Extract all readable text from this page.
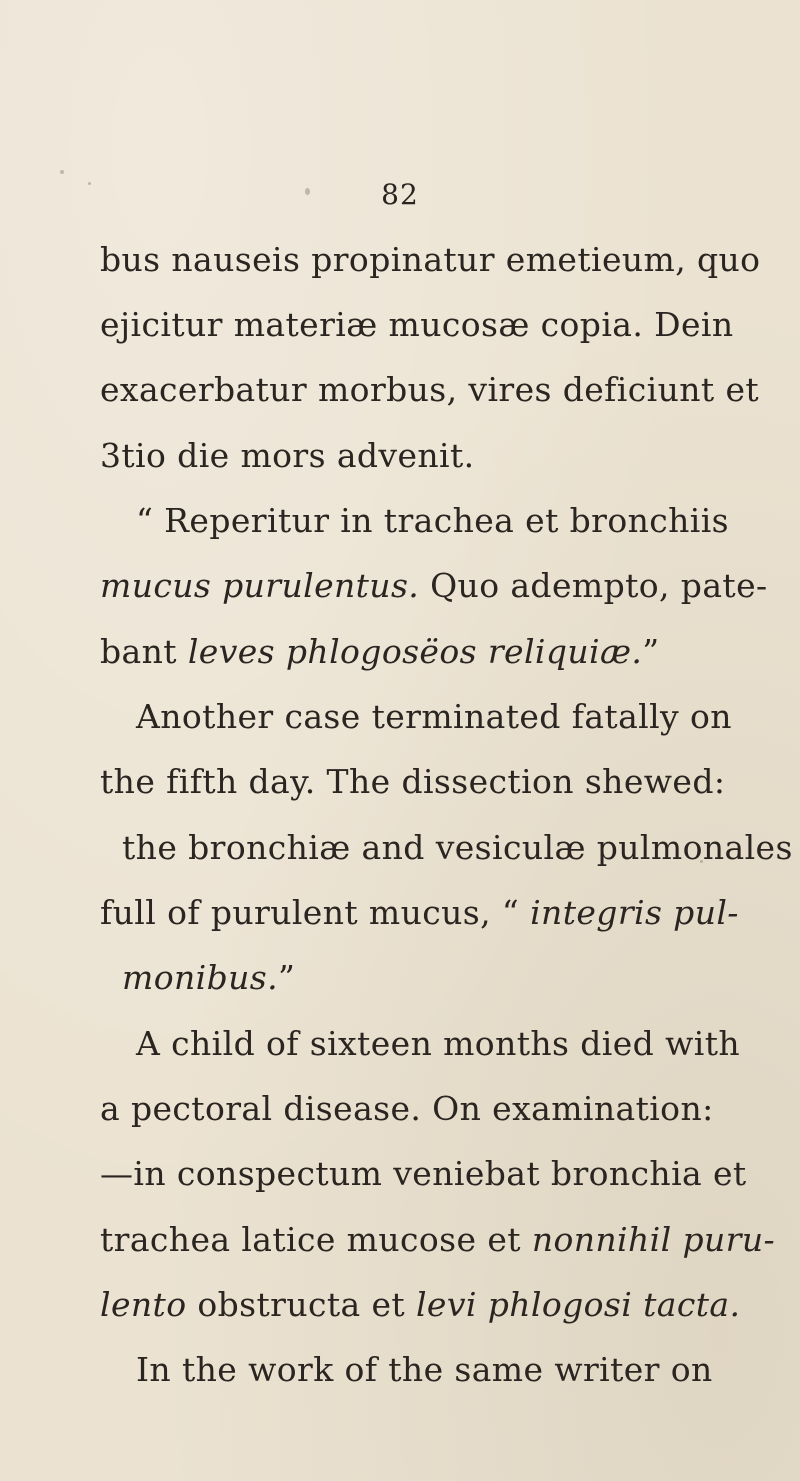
82
bus nauseis propinatur emetieum, quo
ejicitur materiæ mucosæ copia. Dein
exacerbatur morbus, vires deficiunt et
3tio die mors advenit.
“ Reperitur in trachea et bronchiis
mucus purulentus. Quo adempto, pate-
bant leves phlogosëos reliquiæ.”
Another case terminated fatally on
the fifth day. The dissection shewed:
the bronchiæ and vesiculæ pulmonales
full of purulent mucus, “ integris pul-
monibus.”
A child of sixteen months died with
a pectoral disease. On examination:
—in conspectum veniebat bronchia et
trachea latice mucose et nonnihil puru-
lento obstructa et levi phlogosi tacta.
In the work of the same writer on
